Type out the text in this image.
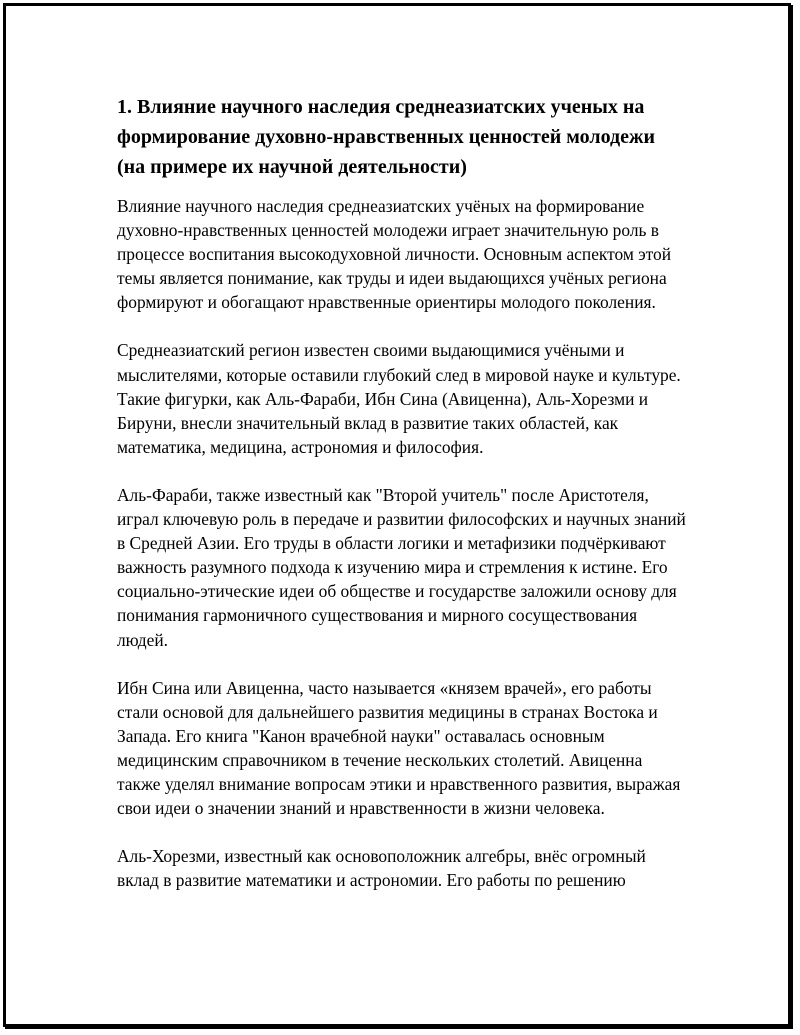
1. Влияние научного наследия среднеазиатских ученых на формирование духовно-нравственных ценностей молодежи (на примере их научной деятельности)

Влияние научного наследия среднеазиатских учёных на формирование духовно-нравственных ценностей молодежи играет значительную роль в процессе воспитания высокодуховной личности. Основным аспектом этой темы является понимание, как труды и идеи выдающихся учёных региона формируют и обогащают нравственные ориентиры молодого поколения.

Среднеазиатский регион известен своими выдающимися учёными и мыслителями, которые оставили глубокий след в мировой науке и культуре. Такие фигурки, как Аль-Фараби, Ибн Сина (Авиценна), Аль-Хорезми и Бируни, внесли значительный вклад в развитие таких областей, как математика, медицина, астрономия и философия.

Аль-Фараби, также известный как "Второй учитель" после Аристотеля, играл ключевую роль в передаче и развитии философских и научных знаний в Средней Азии. Его труды в области логики и метафизики подчёркивают важность разумного подхода к изучению мира и стремления к истине. Его социально-этические идеи об обществе и государстве заложили основу для понимания гармоничного существования и мирного сосуществования людей.

Ибн Сина или Авиценна, часто называется «князем врачей», его работы стали основой для дальнейшего развития медицины в странах Востока и Запада. Его книга "Канон врачебной науки" оставалась основным медицинским справочником в течение нескольких столетий. Авиценна также уделял внимание вопросам этики и нравственного развития, выражая свои идеи о значении знаний и нравственности в жизни человека.

Аль-Хорезми, известный как основоположник алгебры, внёс огромный вклад в развитие математики и астрономии. Его работы по решению
